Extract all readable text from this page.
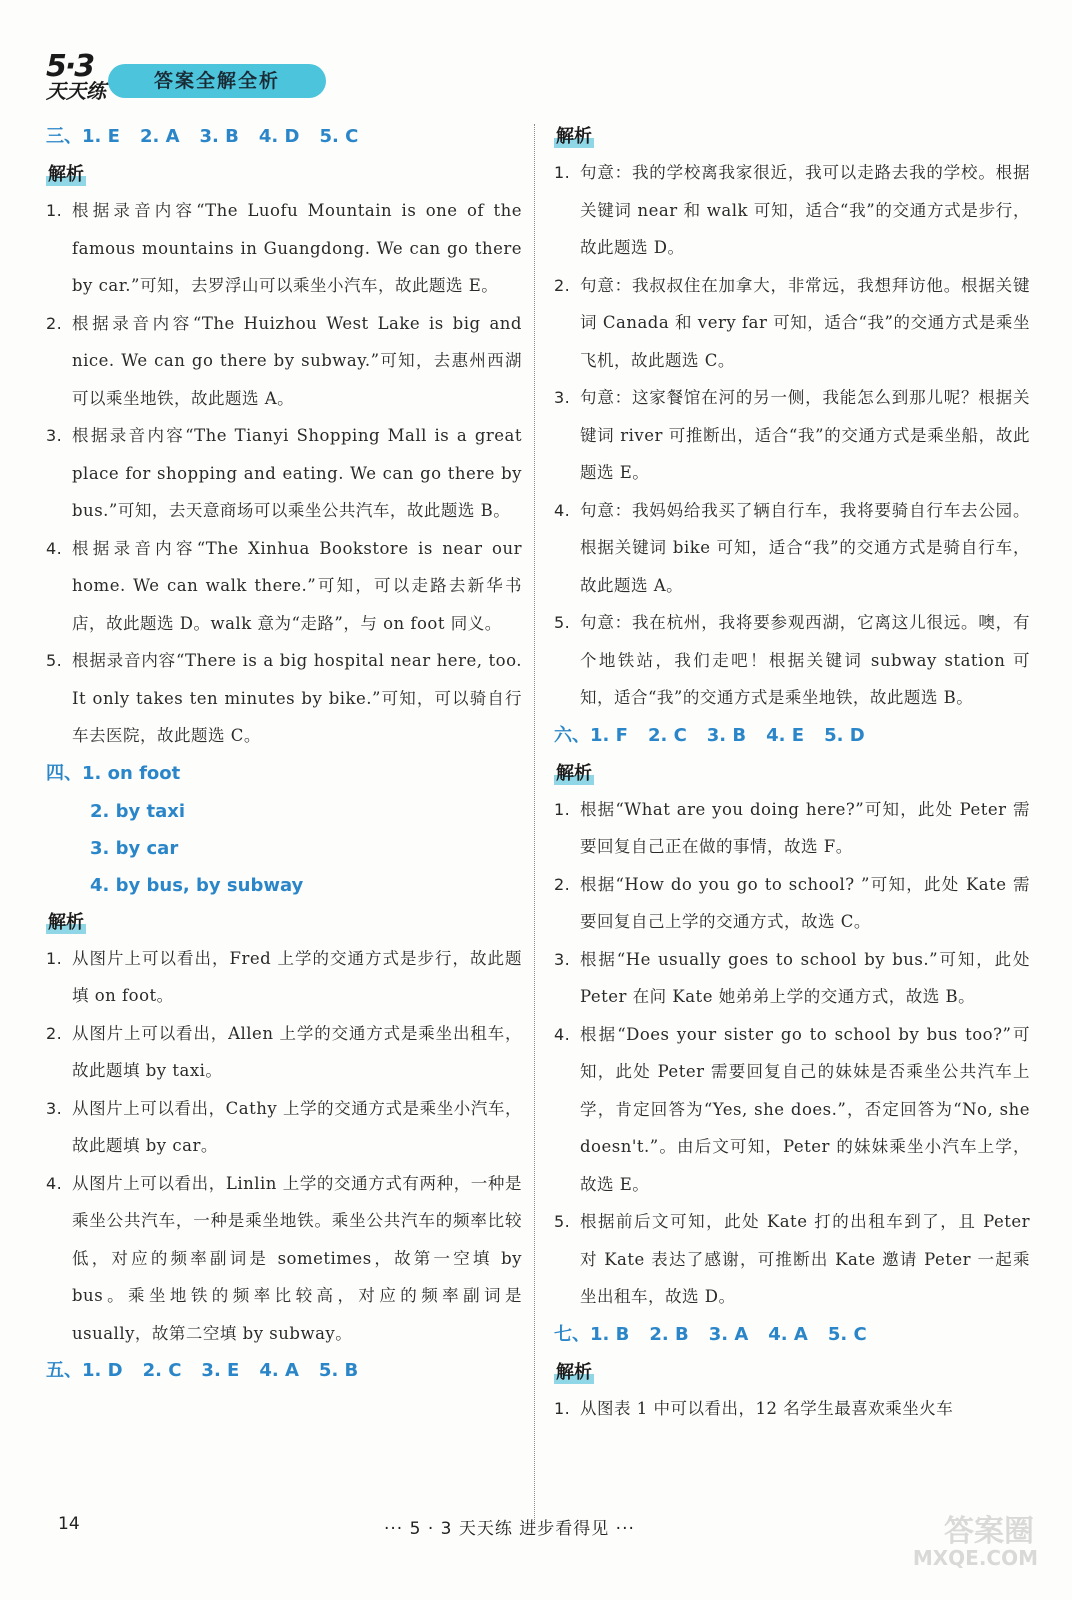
5·3
天天练	答案全解全析
三、1. E 2. A 3. B 4. D 5. C
解析
1. 根据录音内容“The Luofu Mountain is one of the famous mountains in Guangdong. We can go there by car.”可知，去罗浮山可以乘坐小汽车，故此题选 E。
2. 根据录音内容“The Huizhou West Lake is big and nice. We can go there by subway.”可知，去惠州西湖可以乘坐地铁，故此题选 A。
3. 根据录音内容“The Tianyi Shopping Mall is a great place for shopping and eating. We can go there by bus.”可知，去天意商场可以乘坐公共汽车，故此题选 B。
4. 根据录音内容“The Xinhua Bookstore is near our home. We can walk there.”可知，可以走路去新华书店，故此题选 D。walk 意为“走路”，与 on foot 同义。
5. 根据录音内容“There is a big hospital near here, too. It only takes ten minutes by bike.”可知，可以骑自行车去医院，故此题选 C。
四、1. on foot
2. by taxi
3. by car
4. by bus, by subway
解析
1. 从图片上可以看出，Fred 上学的交通方式是步行，故此题填 on foot。
2. 从图片上可以看出，Allen 上学的交通方式是乘坐出租车，故此题填 by taxi。
3. 从图片上可以看出，Cathy 上学的交通方式是乘坐小汽车，故此题填 by car。
4. 从图片上可以看出，Linlin 上学的交通方式有两种，一种是乘坐公共汽车，一种是乘坐地铁。乘坐公共汽车的频率比较低，对应的频率副词是 sometimes，故第一空填 by bus。乘坐地铁的频率比较高，对应的频率副词是 usually，故第二空填 by subway。
五、1. D 2. C 3. E 4. A 5. B
解析
1. 句意：我的学校离我家很近，我可以走路去我的学校。根据关键词 near 和 walk 可知，适合“我”的交通方式是步行，故此题选 D。
2. 句意：我叔叔住在加拿大，非常远，我想拜访他。根据关键词 Canada 和 very far 可知，适合“我”的交通方式是乘坐飞机，故此题选 C。
3. 句意：这家餐馆在河的另一侧，我能怎么到那儿呢？根据关键词 river 可推断出，适合“我”的交通方式是乘坐船，故此题选 E。
4. 句意：我妈妈给我买了辆自行车，我将要骑自行车去公园。根据关键词 bike 可知，适合“我”的交通方式是骑自行车，故此题选 A。
5. 句意：我在杭州，我将要参观西湖，它离这儿很远。噢，有个地铁站，我们走吧！根据关键词 subway station 可知，适合“我”的交通方式是乘坐地铁，故此题选 B。
六、1. F 2. C 3. B 4. E 5. D
解析
1. 根据“What are you doing here?”可知，此处 Peter 需要回复自己正在做的事情，故选 F。
2. 根据“How do you go to school? ”可知，此处 Kate 需要回复自己上学的交通方式，故选 C。
3. 根据“He usually goes to school by bus.”可知，此处 Peter 在问 Kate 她弟弟上学的交通方式，故选 B。
4. 根据“Does your sister go to school by bus too?”可知，此处 Peter 需要回复自己的妹妹是否乘坐公共汽车上学，肯定回答为“Yes, she does.”，否定回答为“No, she doesn't.”。由后文可知，Peter 的妹妹乘坐小汽车上学，故选 E。
5. 根据前后文可知，此处 Kate 打的出租车到了，且 Peter 对 Kate 表达了感谢，可推断出 Kate 邀请 Peter 一起乘坐出租车，故选 D。
七、1. B 2. B 3. A 4. A 5. C
解析
1. 从图表 1 中可以看出，12 名学生最喜欢乘坐火车
14	··· 5 · 3 天天练 进步看得见 ···	答案圈
MXQE.COM
